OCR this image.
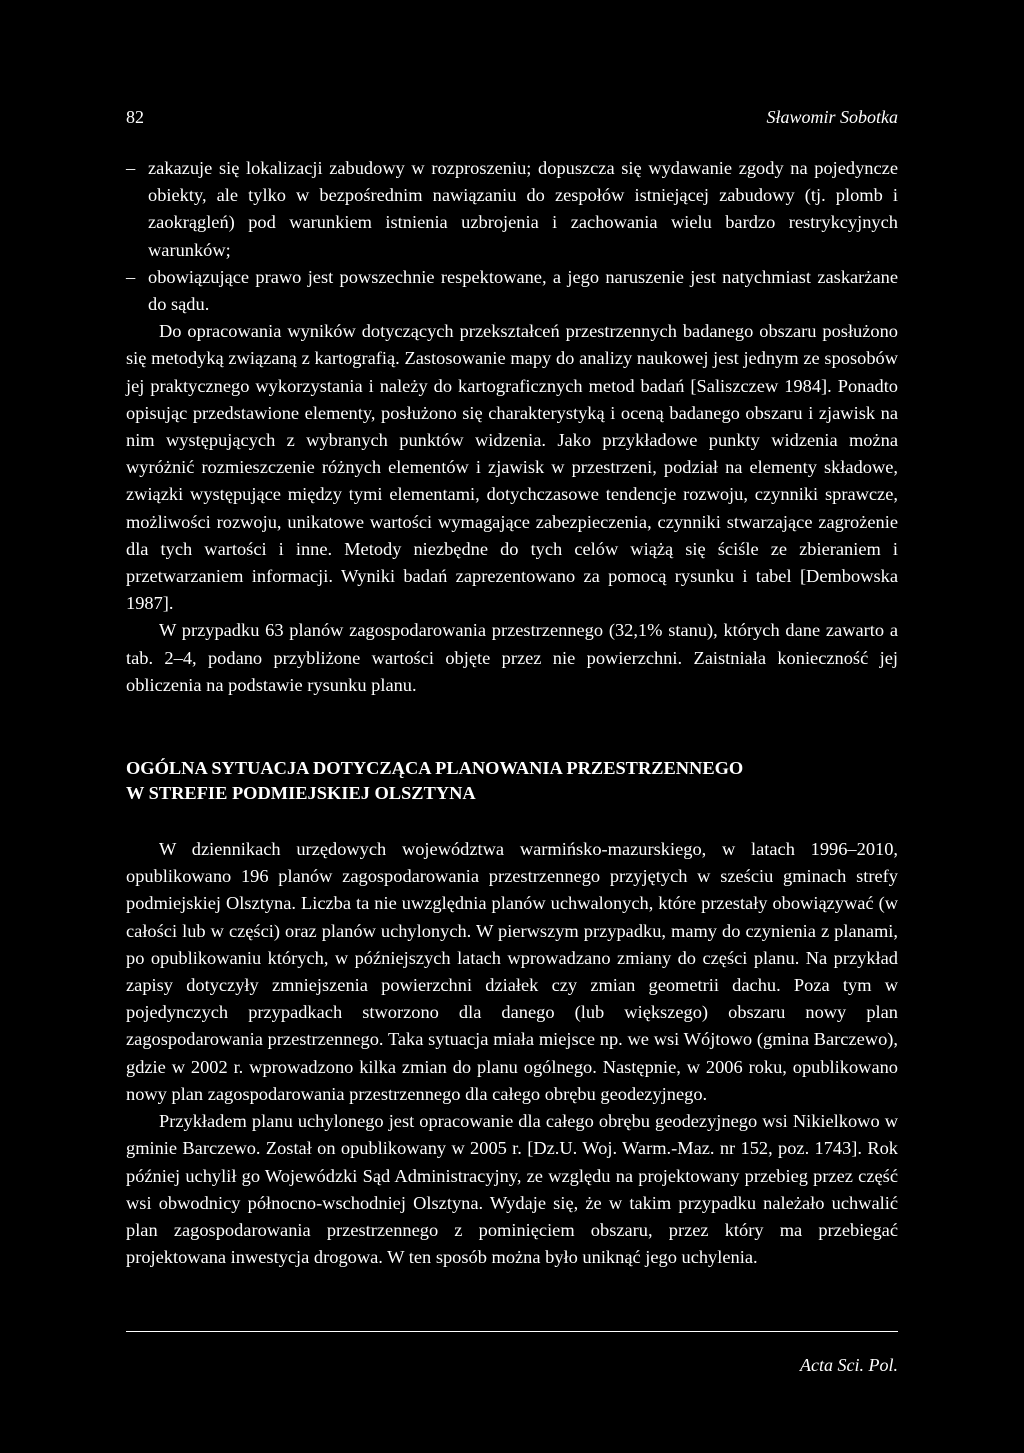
82	Sławomir Sobotka
– zakazuje się lokalizacji zabudowy w rozproszeniu; dopuszcza się wydawanie zgody na pojedyncze obiekty, ale tylko w bezpośrednim nawiązaniu do zespołów istniejącej zabudowy (tj. plomb i zaokrągleń) pod warunkiem istnienia uzbrojenia i zachowania wielu bardzo restrykcyjnych warunków;
– obowiązujące prawo jest powszechnie respektowane, a jego naruszenie jest natychmiast zaskarżane do sądu.

Do opracowania wyników dotyczących przekształceń przestrzennych badanego obszaru posłużono się metodyką związaną z kartografią. Zastosowanie mapy do analizy naukowej jest jednym ze sposobów jej praktycznego wykorzystania i należy do kartograficznych metod badań [Saliszczew 1984]. Ponadto opisując przedstawione elementy, posłużono się charakterystyką i oceną badanego obszaru i zjawisk na nim występujących z wybranych punktów widzenia. Jako przykładowe punkty widzenia można wyróżnić rozmieszczenie różnych elementów i zjawisk w przestrzeni, podział na elementy składowe, związki występujące między tymi elementami, dotychczasowe tendencje rozwoju, czynniki sprawcze, możliwości rozwoju, unikatowe wartości wymagające zabezpieczenia, czynniki stwarzające zagrożenie dla tych wartości i inne. Metody niezbędne do tych celów wiążą się ściśle ze zbieraniem i przetwarzaniem informacji. Wyniki badań zaprezentowano za pomocą rysunku i tabel [Dembowska 1987].

W przypadku 63 planów zagospodarowania przestrzennego (32,1% stanu), których dane zawarto a tab. 2–4, podano przybliżone wartości objęte przez nie powierzchni. Zaistniała konieczność jej obliczenia na podstawie rysunku planu.

OGÓLNA SYTUACJA DOTYCZĄCA PLANOWANIA PRZESTRZENNEGO
W STREFIE PODMIEJSKIEJ OLSZTYNA

W dziennikach urzędowych województwa warmińsko-mazurskiego, w latach 1996–2010, opublikowano 196 planów zagospodarowania przestrzennego przyjętych w sześciu gminach strefy podmiejskiej Olsztyna. Liczba ta nie uwzględnia planów uchwalonych, które przestały obowiązywać (w całości lub w części) oraz planów uchylonych. W pierwszym przypadku, mamy do czynienia z planami, po opublikowaniu których, w późniejszych latach wprowadzano zmiany do części planu. Na przykład zapisy dotyczyły zmniejszenia powierzchni działek czy zmian geometrii dachu. Poza tym w pojedynczych przypadkach stworzono dla danego (lub większego) obszaru nowy plan zagospodarowania przestrzennego. Taka sytuacja miała miejsce np. we wsi Wójtowo (gmina Barczewo), gdzie w 2002 r. wprowadzono kilka zmian do planu ogólnego. Następnie, w 2006 roku, opublikowano nowy plan zagospodarowania przestrzennego dla całego obrębu geodezyjnego.

Przykładem planu uchylonego jest opracowanie dla całego obrębu geodezyjnego wsi Nikielkowo w gminie Barczewo. Został on opublikowany w 2005 r. [Dz.U. Woj. Warm.-Maz. nr 152, poz. 1743]. Rok później uchylił go Wojewódzki Sąd Administracyjny, ze względu na projektowany przebieg przez część wsi obwodnicy północno-wschodniej Olsztyna. Wydaje się, że w takim przypadku należało uchwalić plan zagospodarowania przestrzennego z pominięciem obszaru, przez który ma przebiegać projektowana inwestycja drogowa. W ten sposób można było uniknąć jego uchylenia.

Acta Sci. Pol.
